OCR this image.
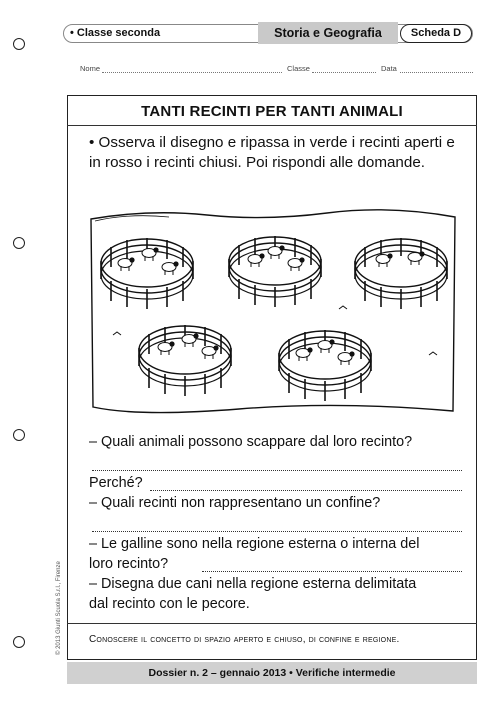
• Classe seconda	Storia e Geografia	Scheda D
Nome	Classe	Data
TANTI RECINTI PER TANTI ANIMALI
• Osserva il disegno e ripassa in verde i recinti aperti e in rosso i recinti chiusi. Poi rispondi alle domande.
– Quali animali possono scappare dal loro recinto?
Perché?
– Quali recinti non rappresentano un confine?
– Le galline sono nella regione esterna o interna del
loro recinto?
– Disegna due cani nella regione esterna delimitata
dal recinto con le pecore.
Conoscere il concetto di spazio aperto e chiuso, di confine e regione.
© 2013 Giunti Scuola S.r.l., Firenze
Dossier n. 2 – gennaio 2013 • Verifiche intermedie
